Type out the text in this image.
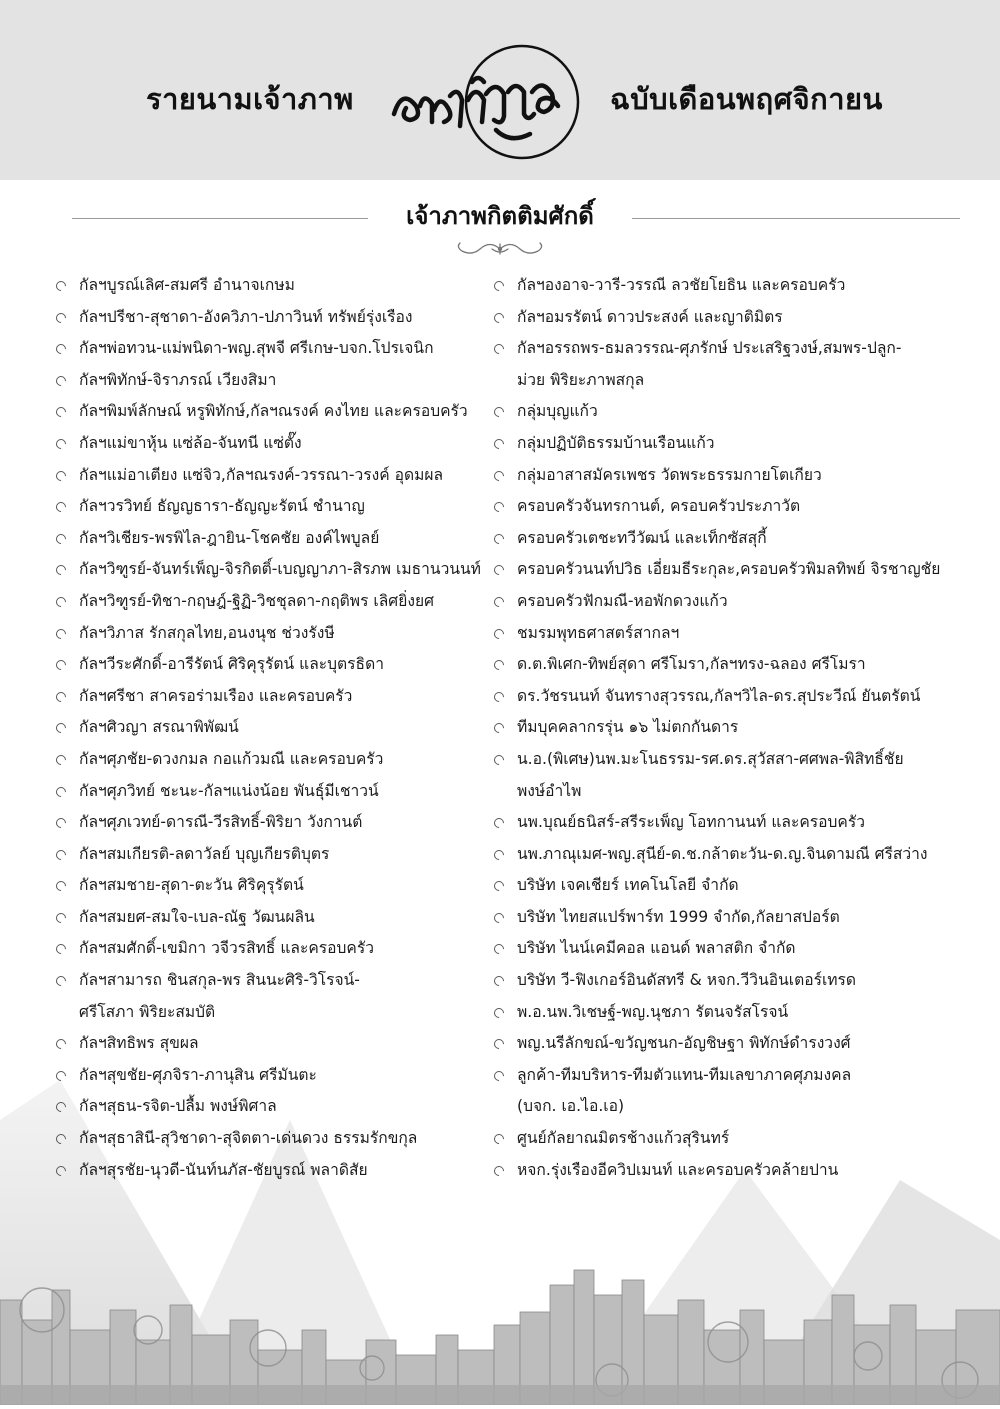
รายนามเจ้าภาพ	ฉบับเดือนพฤศจิกายน
เจ้าภาพกิตติมศักดิ์
กัลฯบูรณ์เลิศ-สมศรี อำนาจเกษม
กัลฯปรีชา-สุชาดา-อังควิภา-ปภาวินท์ ทรัพย์รุ่งเรือง
กัลฯพ่อทวน-แม่พนิดา-พญ.สุพจี ศรีเกษ-บจก.โปรเจนิก
กัลฯพิทักษ์-จิราภรณ์ เวียงสิมา
กัลฯพิมพ์ลักษณ์ หรูพิทักษ์,กัลฯณรงค์ คงไทย และครอบครัว
กัลฯแม่ขาหุ้น แซ่ล้อ-จันทนี แซ่ตั๊ง
กัลฯแม่อาเตียง แซ่จิว,กัลฯณรงค์-วรรณา-วรงค์ อุดมผล
กัลฯวรวิทย์ ธัญญธารา-ธัญญะรัตน์ ชำนาญ
กัลฯวิเชียร-พรพิไล-ฎายิน-โชคชัย องค์ไพบูลย์
กัลฯวิฑูรย์-จันทร์เพ็ญ-จิรกิตติ์-เบญญาภา-สิรภพ เมธานวนนท์
กัลฯวิฑูรย์-ทิชา-กฤษฎ์-ฐิฏิ-วิชชุลดา-กฤติพร เลิศยิ่งยศ
กัลฯวิภาส รักสกุลไทย,อนงนุช ช่วงรังษี
กัลฯวีระศักดิ์-อารีรัตน์ ศิริคุรุรัตน์ และบุตรธิดา
กัลฯศรีชา สาครอร่ามเรือง และครอบครัว
กัลฯศิวญา สรณาพิพัฒน์
กัลฯศุภชัย-ดวงกมล กอแก้วมณี และครอบครัว
กัลฯศุภวิทย์ ชะนะ-กัลฯแน่งน้อย พันธุ์มีเชาวน์
กัลฯศุภเวทย์-ดารณี-วีรสิทธิ์-พิริยา วังกานต์
กัลฯสมเกียรติ-ลดาวัลย์ บุญเกียรติบุตร
กัลฯสมชาย-สุดา-ตะวัน ศิริคุรุรัตน์
กัลฯสมยศ-สมใจ-เบล-ณัฐ วัฒนผลิน
กัลฯสมศักดิ์-เขมิกา วจีวรสิทธิ์ และครอบครัว
กัลฯสามารถ ชินสกุล-พร สินนะศิริ-วิโรจน์-
ศรีโสภา พิริยะสมบัติ
กัลฯสิทธิพร สุขผล
กัลฯสุขชัย-ศุภจิรา-ภานุสิน ศรีมันตะ
กัลฯสุธน-รจิต-ปลื้ม พงษ์พิศาล
กัลฯสุธาสินี-สุวิชาดา-สุจิตตา-เด่นดวง ธรรมรักขกุล
กัลฯสุรชัย-นุวดี-นันท์นภัส-ชัยบูรณ์ พลาดิสัย
กัลฯองอาจ-วารี-วรรณี ลวชัยโยธิน และครอบครัว
กัลฯอมรรัตน์ ดาวประสงค์ และญาติมิตร
กัลฯอรรถพร-ธมลวรรณ-ศุภรักษ์ ประเสริฐวงษ์,สมพร-ปลูก-
ม่วย พิริยะภาพสกุล
กลุ่มบุญแก้ว
กลุ่มปฏิบัติธรรมบ้านเรือนแก้ว
กลุ่มอาสาสมัครเพชร วัดพระธรรมกายโตเกียว
ครอบครัวจันทรกานต์, ครอบครัวประภาวัต
ครอบครัวเตชะทวีวัฒน์ และเท็กซัสสุกี้
ครอบครัวนนท์ปวิธ เอี่ยมธีระกุละ,ครอบครัวพิมลทิพย์ จิรชาญชัย
ครอบครัวฟักมณี-หอพักดวงแก้ว
ชมรมพุทธศาสตร์สากลฯ
ด.ต.พิเศก-ทิพย์สุดา ศรีโมรา,กัลฯทรง-ฉลอง ศรีโมรา
ดร.วัชรนนท์ จันทรางสุวรรณ,กัลฯวิไล-ดร.สุประวีณ์ ยันตรัตน์
ทีมบุคคลากรรุ่น ๑๖ ไม่ตกกันดาร
น.อ.(พิเศษ)นพ.มะโนธรรม-รศ.ดร.สุวัสสา-ศศพล-พิสิทธิ์ชัย
พงษ์อำไพ
นพ.บุณย์ธนิสร์-สรีระเพ็ญ โอทกานนท์ และครอบครัว
นพ.ภาณุเมศ-พญ.สุนีย์-ด.ช.กล้าตะวัน-ด.ญ.จินดามณี ศรีสว่าง
บริษัท เจคเชียร์ เทคโนโลยี จำกัด
บริษัท ไทยสแปร์พาร์ท 1999 จำกัด,กัลยาสปอร์ต
บริษัท ไนน์เคมีคอล แอนด์ พลาสติก จำกัด
บริษัท วี-ฟิงเกอร์อินดัสทรี & หจก.วีวินอินเตอร์เทรด
พ.อ.นพ.วิเชษฐ์-พญ.นุชภา รัตนจรัสโรจน์
พญ.นรีลักขณ์-ขวัญชนก-อัญชิษฐา พิทักษ์ดำรงวงศ์
ลูกค้า-ทีมบริหาร-ทีมตัวแทน-ทีมเลขาภาคศุภมงคล
(บจก. เอ.ไอ.เอ)
ศูนย์กัลยาณมิตรช้างแก้วสุรินทร์
หจก.รุ่งเรืองอีควิปเมนท์ และครอบครัวคล้ายปาน
